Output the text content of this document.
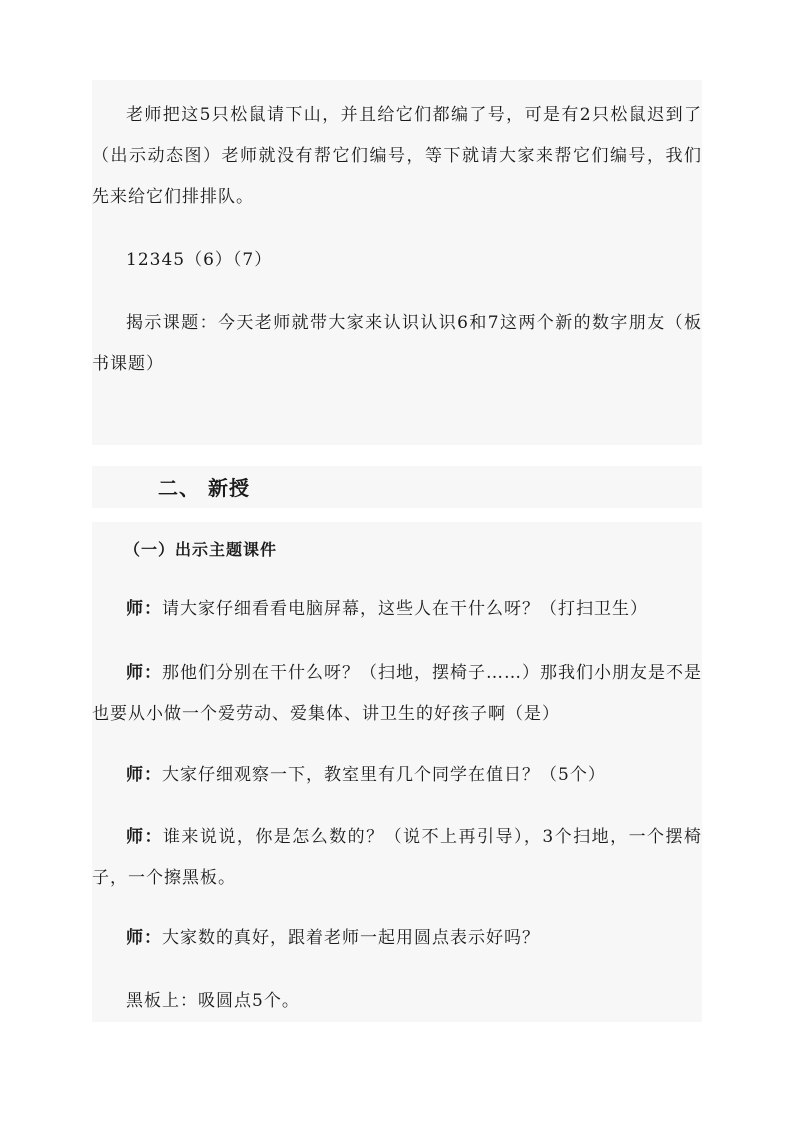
老师把这5只松鼠请下山，并且给它们都编了号，可是有2只松鼠迟到了（出示动态图）老师就没有帮它们编号，等下就请大家来帮它们编号，我们先来给它们排排队。

12345（6）（7）

揭示课题：今天老师就带大家来认识认识6和7这两个新的数字朋友（板书课题）

二、 新授
（一）出示主题课件

师：请大家仔细看看电脑屏幕，这些人在干什么呀？（打扫卫生）

师：那他们分别在干什么呀？（扫地，摆椅子……）那我们小朋友是不是也要从小做一个爱劳动、爱集体、讲卫生的好孩子啊（是）

师：大家仔细观察一下，教室里有几个同学在值日？（5个）

师：谁来说说，你是怎么数的？（说不上再引导），3个扫地，一个摆椅子，一个擦黑板。

师：大家数的真好，跟着老师一起用圆点表示好吗？

黑板上：吸圆点5个。
